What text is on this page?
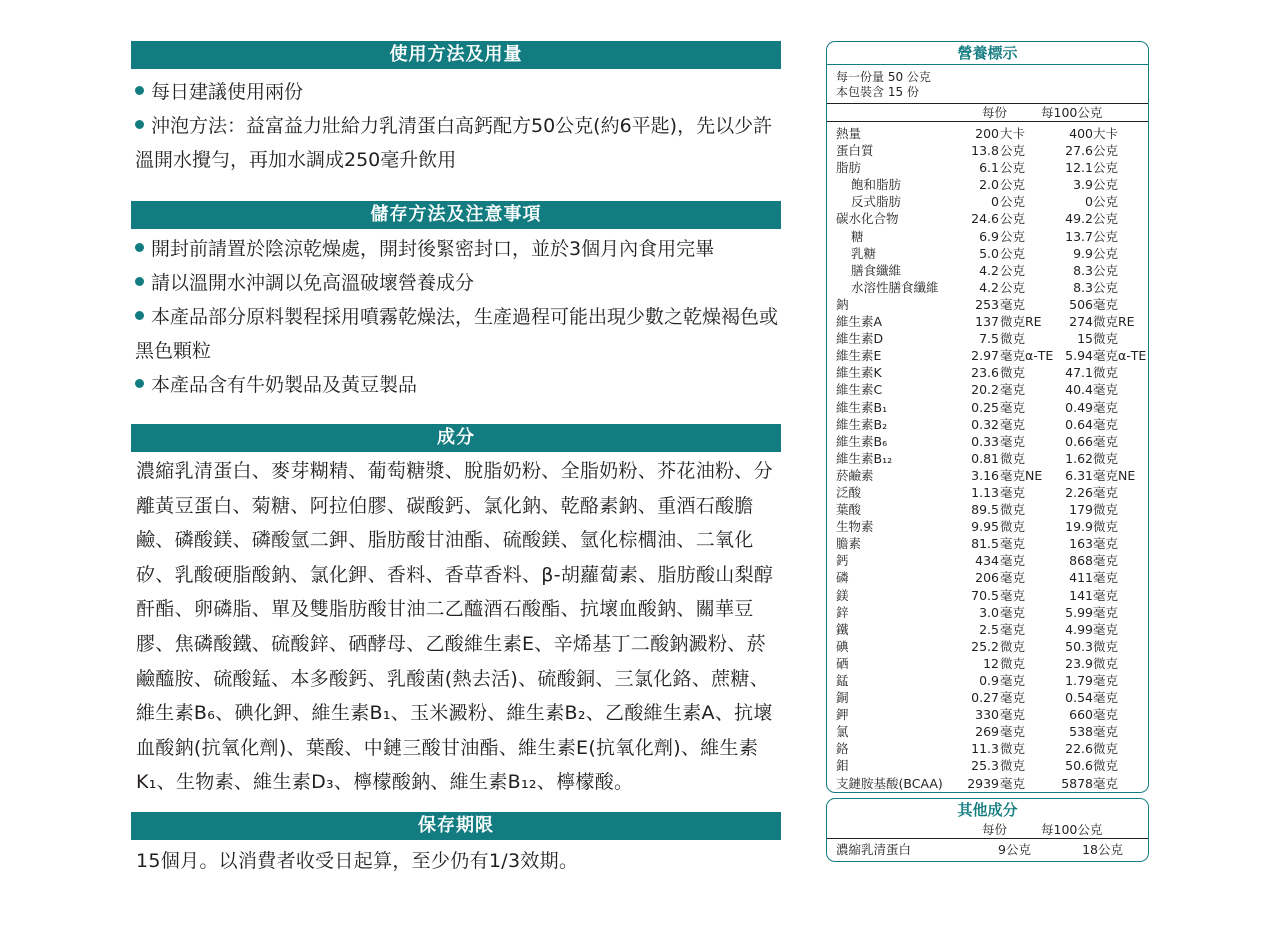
使用方法及用量
每日建議使用兩份
沖泡方法：益富益力壯給力乳清蛋白高鈣配方50公克(約6平匙)，先以少許溫開水攪勻，再加水調成250毫升飲用
儲存方法及注意事項
開封前請置於陰涼乾燥處，開封後緊密封口，並於3個月內食用完畢
請以溫開水沖調以免高溫破壞營養成分
本產品部分原料製程採用噴霧乾燥法，生產過程可能出現少數之乾燥褐色或黑色顆粒
本產品含有牛奶製品及黃豆製品
成分

濃縮乳清蛋白、麥芽糊精、葡萄糖漿、脫脂奶粉、全脂奶粉、芥花油粉、分離黃豆蛋白、菊糖、阿拉伯膠、碳酸鈣、氯化鈉、乾酪素鈉、重酒石酸膽鹼、磷酸鎂、磷酸氫二鉀、脂肪酸甘油酯、硫酸鎂、氫化棕櫚油、二氧化矽、乳酸硬脂酸鈉、氯化鉀、香料、香草香料、β-胡蘿蔔素、脂肪酸山梨醇酐酯、卵磷脂、單及雙脂肪酸甘油二乙醯酒石酸酯、抗壞血酸鈉、關華豆膠、焦磷酸鐵、硫酸鋅、硒酵母、乙酸維生素E、辛烯基丁二酸鈉澱粉、菸鹼醯胺、硫酸錳、本多酸鈣、乳酸菌(熱去活)、硫酸銅、三氯化鉻、蔗糖、維生素B₆、碘化鉀、維生素B₁、玉米澱粉、維生素B₂、乙酸維生素A、抗壞血酸鈉(抗氧化劑)、葉酸、中鏈三酸甘油酯、維生素E(抗氧化劑)、維生素K₁、生物素、維生素D₃、檸檬酸鈉、維生素B₁₂、檸檬酸。

保存期限

15個月。以消費者收受日起算，至少仍有1/3效期。

營養標示
每一份量 50 公克
本包裝含 15 份
每份	每100公克
熱量	200 大卡	400 大卡
蛋白質	13.8 公克	27.6 公克
脂肪	6.1 公克	12.1 公克
飽和脂肪	2.0 公克	3.9 公克
反式脂肪	0 公克	0 公克
碳水化合物	24.6 公克	49.2 公克
糖	6.9 公克	13.7 公克
乳糖	5.0 公克	9.9 公克
膳食纖維	4.2 公克	8.3 公克
水溶性膳食纖維	4.2 公克	8.3 公克
鈉	253 毫克	506 毫克
維生素A	137 微克RE	274 微克RE
維生素D	7.5 微克	15 微克
維生素E	2.97 毫克α-TE 5.94 毫克α-TE
維生素K	23.6 微克	47.1 微克
維生素C	20.2 毫克	40.4 毫克
維生素B₁	0.25 毫克	0.49 毫克
維生素B₂	0.32 毫克	0.64 毫克
維生素B₆	0.33 毫克	0.66 毫克
維生素B₁₂	0.81 微克	1.62 微克
菸鹼素	3.16 毫克NE	6.31 毫克NE
泛酸	1.13 毫克	2.26 毫克
葉酸	89.5 微克	179 微克
生物素	9.95 微克	19.9 微克
膽素	81.5 毫克	163 毫克
鈣	434 毫克	868 毫克
磷	206 毫克	411 毫克
鎂	70.5 毫克	141 毫克
鋅	3.0 毫克	5.99 毫克
鐵	2.5 毫克	4.99 毫克
碘	25.2 微克	50.3 微克
硒	12 微克	23.9 微克
錳	0.9 毫克	1.79 毫克
銅	0.27 毫克	0.54 毫克
鉀	330 毫克	660 毫克
氯	269 毫克	538 毫克
鉻	11.3 微克	22.6 微克
鉬	25.3 微克	50.6 微克
支鏈胺基酸(BCAA)	2939 毫克	5878 毫克
其他成分
每份	每100公克
濃縮乳清蛋白	9公克	18公克
